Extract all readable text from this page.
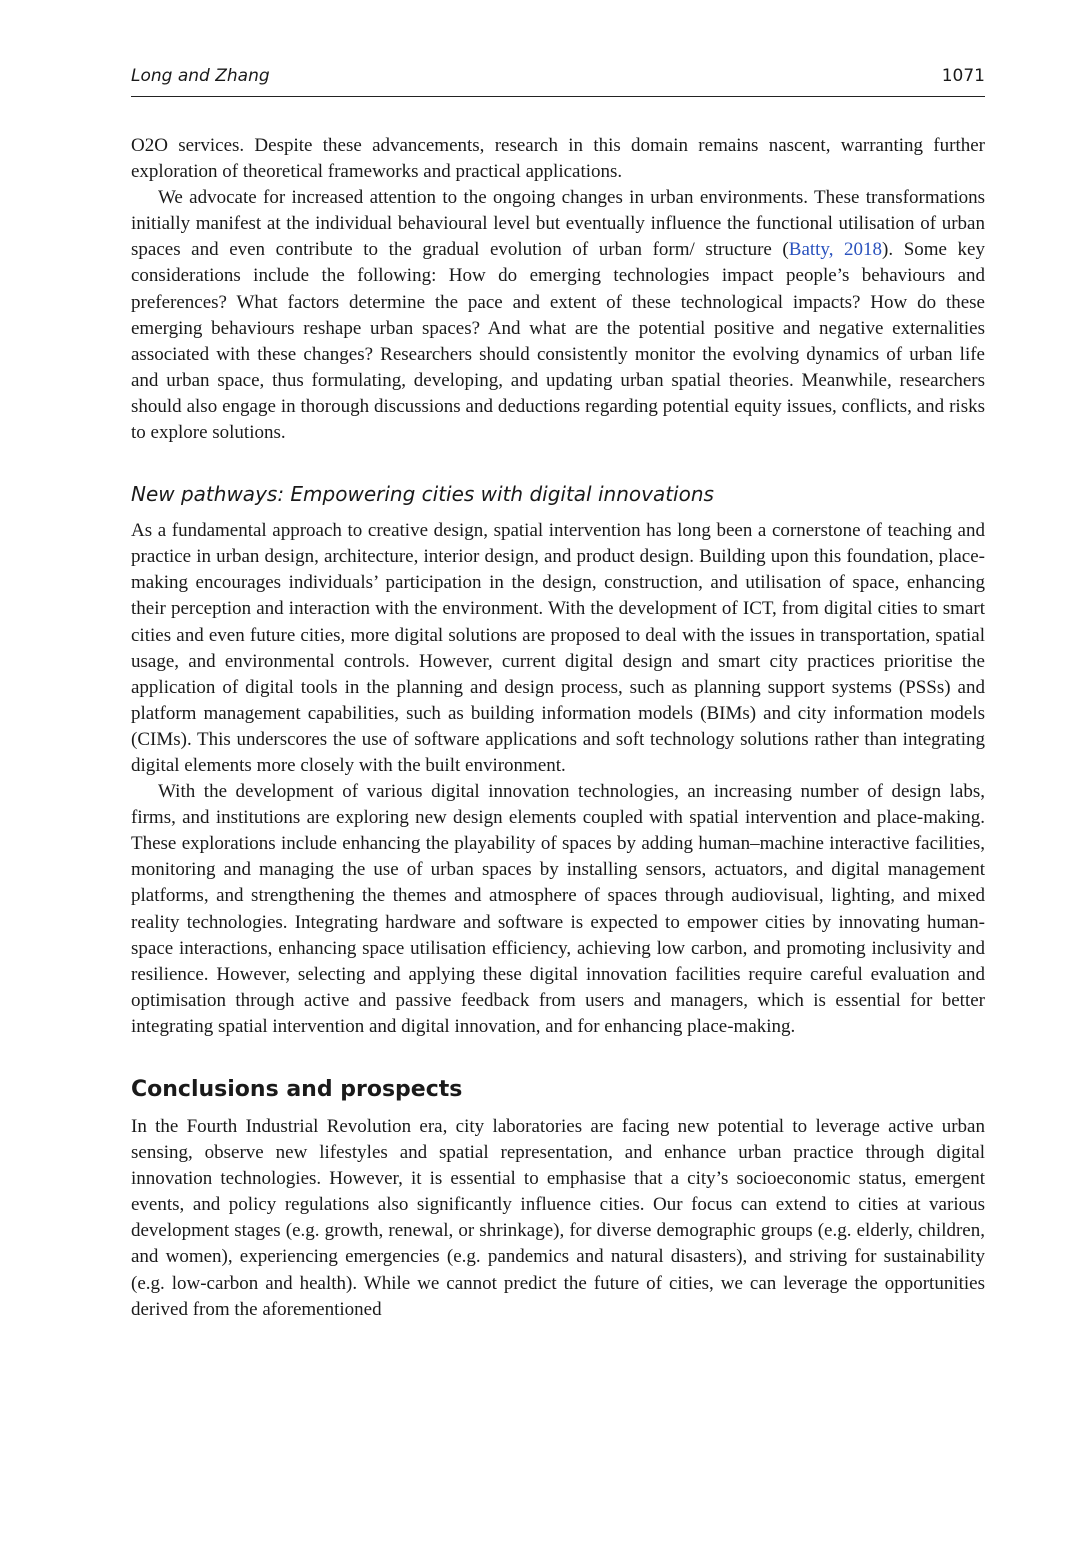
Long and Zhang	1071

O2O services. Despite these advancements, research in this domain remains nascent, warranting further exploration of theoretical frameworks and practical applications.

We advocate for increased attention to the ongoing changes in urban environments. These transformations initially manifest at the individual behavioural level but eventually influence the functional utilisation of urban spaces and even contribute to the gradual evolution of urban form/ structure (Batty, 2018). Some key considerations include the following: How do emerging technologies impact people’s behaviours and preferences? What factors determine the pace and extent of these technological impacts? How do these emerging behaviours reshape urban spaces? And what are the potential positive and negative externalities associated with these changes? Researchers should consistently monitor the evolving dynamics of urban life and urban space, thus formulating, developing, and updating urban spatial theories. Meanwhile, researchers should also engage in thorough discussions and deductions regarding potential equity issues, conflicts, and risks to explore solutions.

New pathways: Empowering cities with digital innovations

As a fundamental approach to creative design, spatial intervention has long been a cornerstone of teaching and practice in urban design, architecture, interior design, and product design. Building upon this foundation, place-making encourages individuals’ participation in the design, construction, and utilisation of space, enhancing their perception and interaction with the environment. With the development of ICT, from digital cities to smart cities and even future cities, more digital solutions are proposed to deal with the issues in transportation, spatial usage, and environmental controls. However, current digital design and smart city practices prioritise the application of digital tools in the planning and design process, such as planning support systems (PSSs) and platform management capabilities, such as building information models (BIMs) and city information models (CIMs). This underscores the use of software applications and soft technology solutions rather than integrating digital elements more closely with the built environment.

With the development of various digital innovation technologies, an increasing number of design labs, firms, and institutions are exploring new design elements coupled with spatial intervention and place-making. These explorations include enhancing the playability of spaces by adding human–machine interactive facilities, monitoring and managing the use of urban spaces by installing sensors, actuators, and digital management platforms, and strengthening the themes and atmosphere of spaces through audiovisual, lighting, and mixed reality technologies. Integrating hardware and software is expected to empower cities by innovating human-space interactions, enhancing space utilisation efficiency, achieving low carbon, and promoting inclusivity and resilience. However, selecting and applying these digital innovation facilities require careful evaluation and optimisation through active and passive feedback from users and managers, which is essential for better integrating spatial intervention and digital innovation, and for enhancing place-making.

Conclusions and prospects

In the Fourth Industrial Revolution era, city laboratories are facing new potential to leverage active urban sensing, observe new lifestyles and spatial representation, and enhance urban practice through digital innovation technologies. However, it is essential to emphasise that a city’s socioeconomic status, emergent events, and policy regulations also significantly influence cities. Our focus can extend to cities at various development stages (e.g. growth, renewal, or shrinkage), for diverse demographic groups (e.g. elderly, children, and women), experiencing emergencies (e.g. pandemics and natural disasters), and striving for sustainability (e.g. low-carbon and health). While we cannot predict the future of cities, we can leverage the opportunities derived from the aforementioned
